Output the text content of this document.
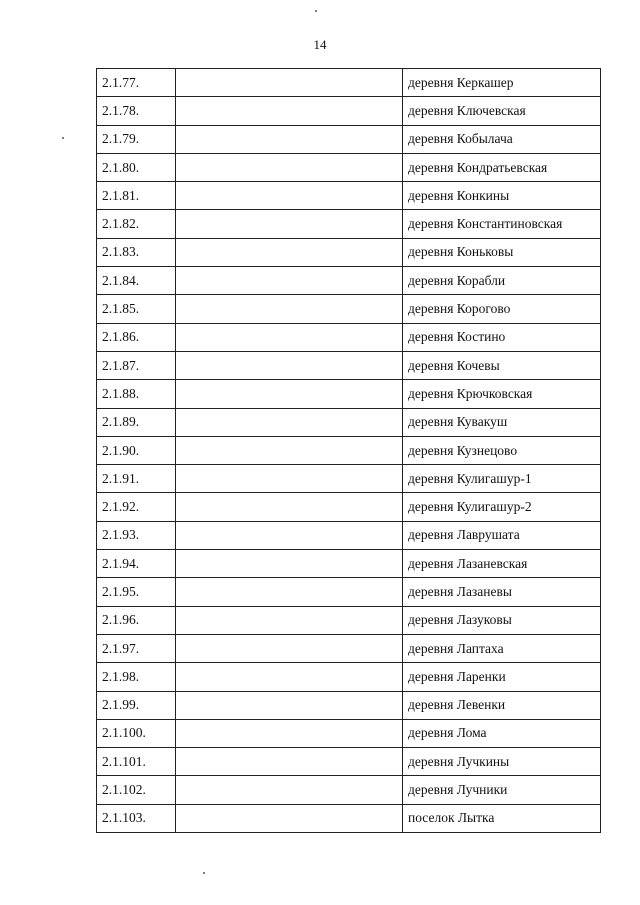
14
2.1.77.		деревня Керкашер
2.1.78.		деревня Ключевская
2.1.79.		деревня Кобылача
2.1.80.		деревня Кондратьевская
2.1.81.		деревня Конкины
2.1.82.		деревня Константиновская
2.1.83.		деревня Коньковы
2.1.84.		деревня Корабли
2.1.85.		деревня Корогово
2.1.86.		деревня Костино
2.1.87.		деревня Кочевы
2.1.88.		деревня Крючковская
2.1.89.		деревня Кувакуш
2.1.90.		деревня Кузнецово
2.1.91.		деревня Кулигашур-1
2.1.92.		деревня Кулигашур-2
2.1.93.		деревня Лаврушата
2.1.94.		деревня Лазаневская
2.1.95.		деревня Лазаневы
2.1.96.		деревня Лазуковы
2.1.97.		деревня Лаптаха
2.1.98.		деревня Ларенки
2.1.99.		деревня Левенки
2.1.100.		деревня Лома
2.1.101.		деревня Лучкины
2.1.102.		деревня Лучники
2.1.103.		поселок Лытка
